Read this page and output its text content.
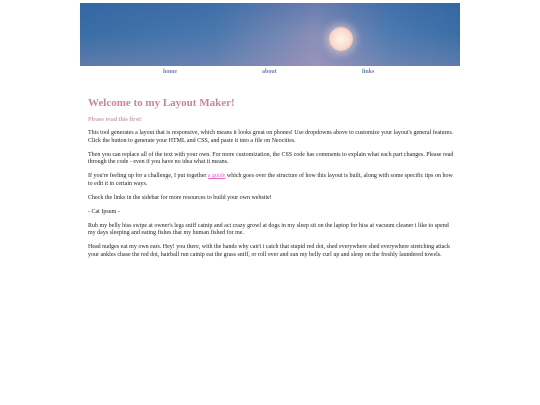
home	about	links
Welcome to my Layout Maker!
Please read this first!

This tool generates a layout that is responsive, which means it looks great on phones! Use dropdowns above to customize your layout's general features. Click the button to generate your HTML and CSS, and paste it into a file on Neocities.

Then you can replace all of the text with your own. For more customization, the CSS code has comments to explain what each part changes. Please read through the code - even if you have no idea what it means.

If you're feeling up for a challenge, I put together a guide which goes over the structure of how this layout is built, along with some specific tips on how to edit it in certain ways.

Check the links in the sidebar for more resources to build your own website!

- Cat Ipsum -

Rub my belly hiss swipe at owner's legs sniff catnip and act crazy growl at dogs in my sleep sit on the laptop for hiss at vacuum cleaner i like to spend my days sleeping and eating fishes that my human fished for me.

Head nudges eat my own ears. Hey! you there, with the hands why can't i catch that stupid red dot, shed everywhere shed everywhere stretching attack your ankles chase the red dot, hairball run catnip eat the grass sniff, or roll over and sun my belly curl up and sleep on the freshly laundered towels.
